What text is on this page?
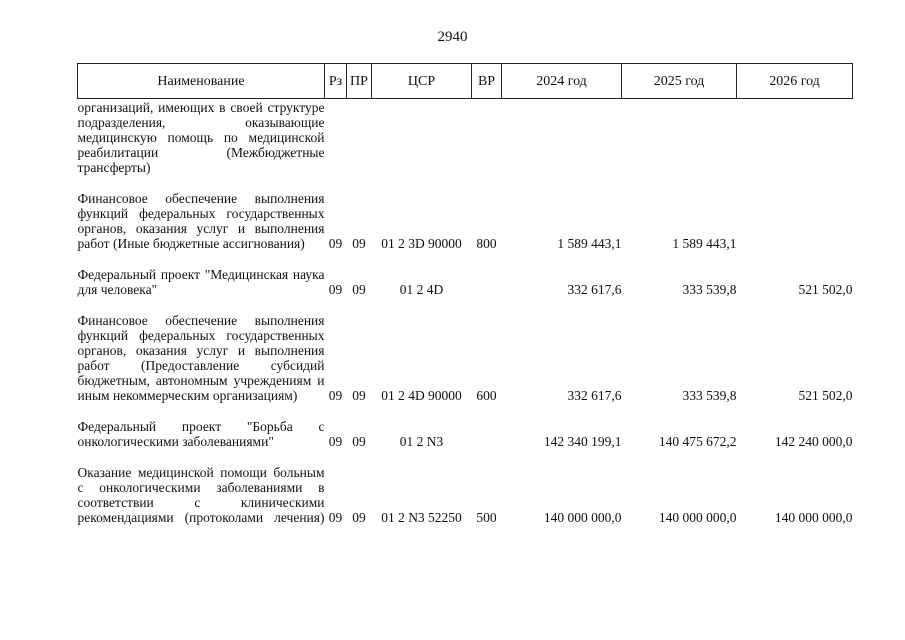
2940
Наименование	Рз	ПР	ЦСР	ВР	2024 год	2025 год	2026 год
организаций, имеющих в своей структуре подразделения, оказывающие медицинскую помощь по медицинской реабилитации (Межбюджетные трансферты)							

Финансовое обеспечение выполнения функций федеральных государственных органов, оказания услуг и выполнения работ (Иные бюджетные ассигнования)	09	09	01 2 3D 90000	800	1 589 443,1	1 589 443,1	

Федеральный проект "Медицинская наука для человека"	09	09	01 2 4D		332 617,6	333 539,8	521 502,0

Финансовое обеспечение выполнения функций федеральных государственных органов, оказания услуг и выполнения работ (Предоставление субсидий бюджетным, автономным учреждениям и иным некоммерческим организациям)	09	09	01 2 4D 90000	600	332 617,6	333 539,8	521 502,0

Федеральный проект "Борьба с онкологическими заболеваниями"	09	09	01 2 N3		142 340 199,1	140 475 672,2	142 240 000,0

Оказание медицинской помощи больным с онкологическими заболеваниями в соответствии с клиническими рекомендациями (протоколами лечения)	09	09	01 2 N3 52250	500	140 000 000,0	140 000 000,0	140 000 000,0
